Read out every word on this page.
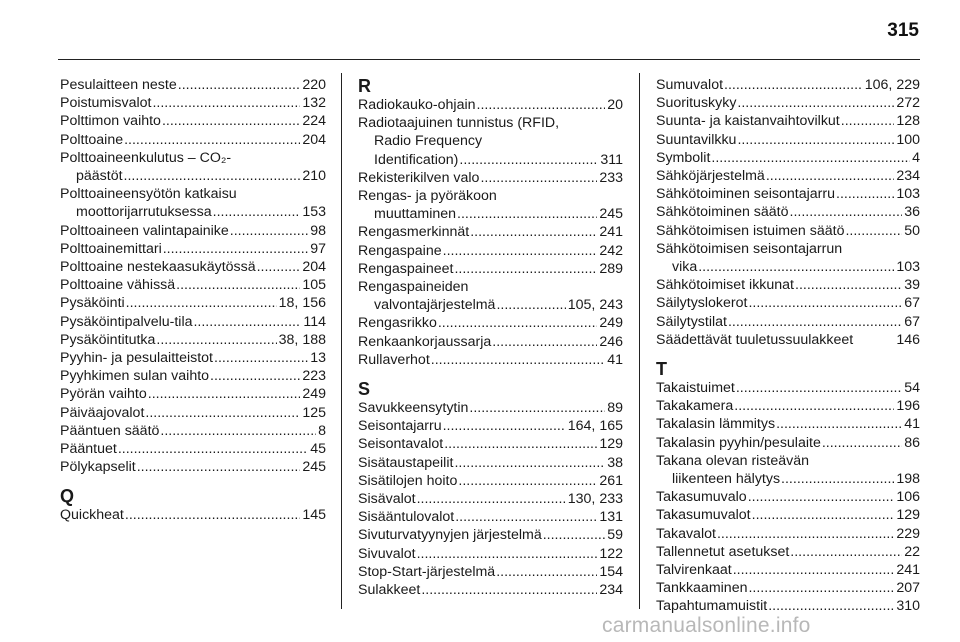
315
Pesulaitteen neste .....	220
Poistumisvalot .....	132
Polttimon vaihto .....	224
Polttoaine .....	204
Polttoaineenkulutus – CO₂-
päästöt .....	210
Polttoaineensyötön katkaisu
moottorijarrutuksessa .....	153
Polttoaineen valintapainike .....	98
Polttoainemittari .....	97
Polttoaine nestekaasukäytössä .....	204
Polttoaine vähissä .....	105
Pysäköinti .....	18, 156
Pysäköintipalvelu-tila .....	114
Pysäköintitutka .....	38, 188
Pyyhin- ja pesulaitteistot .....	13
Pyyhkimen sulan vaihto .....	223
Pyörän vaihto .....	249
Päiväajovalot .....	125
Pääntuen säätö .....	8
Pääntuet .....	45
Pölykapselit .....	245
Q
Quickheat .....	145
R
Radiokauko-ohjain .....	20
Radiotaajuinen tunnistus (RFID,
Radio Frequency
Identification) .....	311
Rekisterikilven valo .....	233
Rengas- ja pyöräkoon
muuttaminen .....	245
Rengasmerkinnät .....	241
Rengaspaine .....	242
Rengaspaineet .....	289
Rengaspaineiden
valvontajärjestelmä .....	105, 243
Rengasrikko .....	249
Renkaankorjaussarja .....	246
Rullaverhot .....	41
S
Savukkeensytytin .....	89
Seisontajarru .....	164, 165
Seisontavalot .....	129
Sisätaustapeilit .....	38
Sisätilojen hoito .....	261
Sisävalot .....	130, 233
Sisääntulovalot .....	131
Sivuturvatyynyjen järjestelmä .....	59
Sivuvalot .....	122
Stop-Start-järjestelmä .....	154
Sulakkeet .....	234
Sumuvalot .....	106, 229
Suorituskyky .....	272
Suunta- ja kaistanvaihtovilkut .....	128
Suuntavilkku .....	100
Symbolit .....	4
Sähköjärjestelmä .....	234
Sähkötoiminen seisontajarru .....	103
Sähkötoiminen säätö .....	36
Sähkötoimisen istuimen säätö .....	50
Sähkötoimisen seisontajarrun
vika .....	103
Sähkötoimiset ikkunat .....	39
Säilytyslokerot .....	67
Säilytystilat .....	67
Säädettävät tuuletussuulakkeet	146
T
Takaistuimet .....	54
Takakamera .....	196
Takalasin lämmitys .....	41
Takalasin pyyhin/pesulaite .....	86
Takana olevan risteävän
liikenteen hälytys .....	198
Takasumuvalo .....	106
Takasumuvalot .....	129
Takavalot .....	229
Tallennetut asetukset .....	22
Talvirenkaat .....	241
Tankkaaminen .....	207
Tapahtumamuistit .....	310
carmanualsonline.info
